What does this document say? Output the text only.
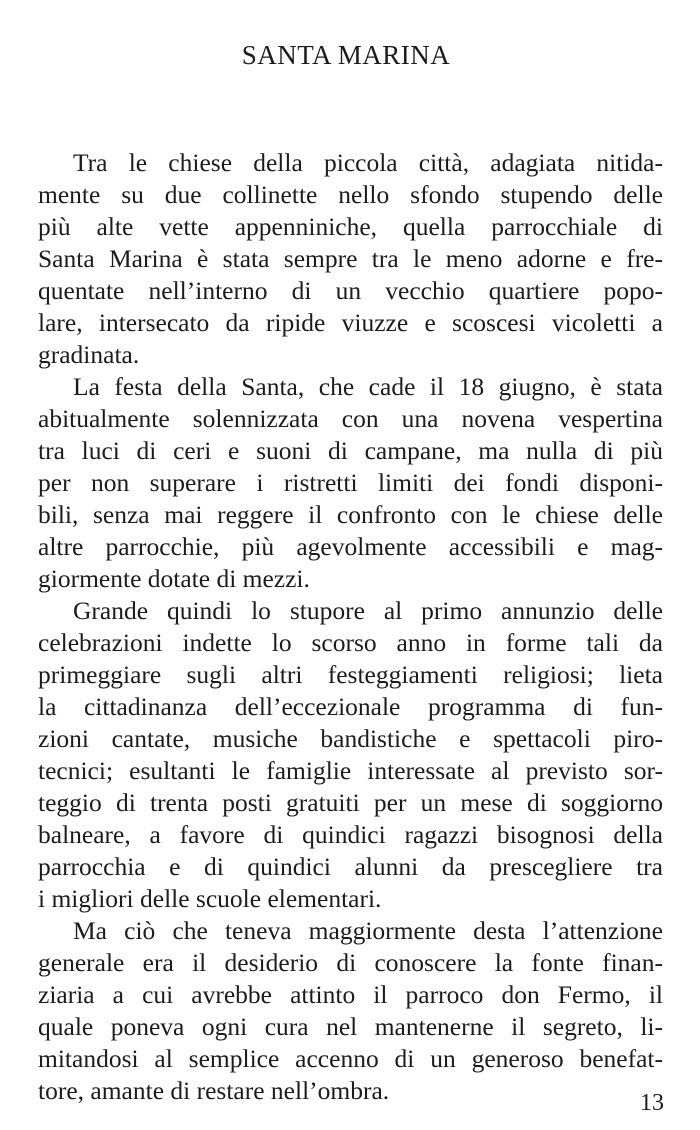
SANTA MARINA
Tra le chiese della piccola città, adagiata nitida-
mente su due collinette nello sfondo stupendo delle
più alte vette appenniniche, quella parrocchiale di
Santa Marina è stata sempre tra le meno adorne e fre-
quentate nell’interno di un vecchio quartiere popo-
lare, intersecato da ripide viuzze e scoscesi vicoletti a
gradinata.
La festa della Santa, che cade il 18 giugno, è stata
abitualmente solennizzata con una novena vespertina
tra luci di ceri e suoni di campane, ma nulla di più
per non superare i ristretti limiti dei fondi disponi-
bili, senza mai reggere il confronto con le chiese delle
altre parrocchie, più agevolmente accessibili e mag-
giormente dotate di mezzi.
Grande quindi lo stupore al primo annunzio delle
celebrazioni indette lo scorso anno in forme tali da
primeggiare sugli altri festeggiamenti religiosi; lieta
la cittadinanza dell’eccezionale programma di fun-
zioni cantate, musiche bandistiche e spettacoli piro-
tecnici; esultanti le famiglie interessate al previsto sor-
teggio di trenta posti gratuiti per un mese di soggiorno
balneare, a favore di quindici ragazzi bisognosi della
parrocchia e di quindici alunni da prescegliere tra
i migliori delle scuole elementari.
Ma ciò che teneva maggiormente desta l’attenzione
generale era il desiderio di conoscere la fonte finan-
ziaria a cui avrebbe attinto il parroco don Fermo, il
quale poneva ogni cura nel mantenerne il segreto, li-
mitandosi al semplice accenno di un generoso benefat-
tore, amante di restare nell’ombra.	13
